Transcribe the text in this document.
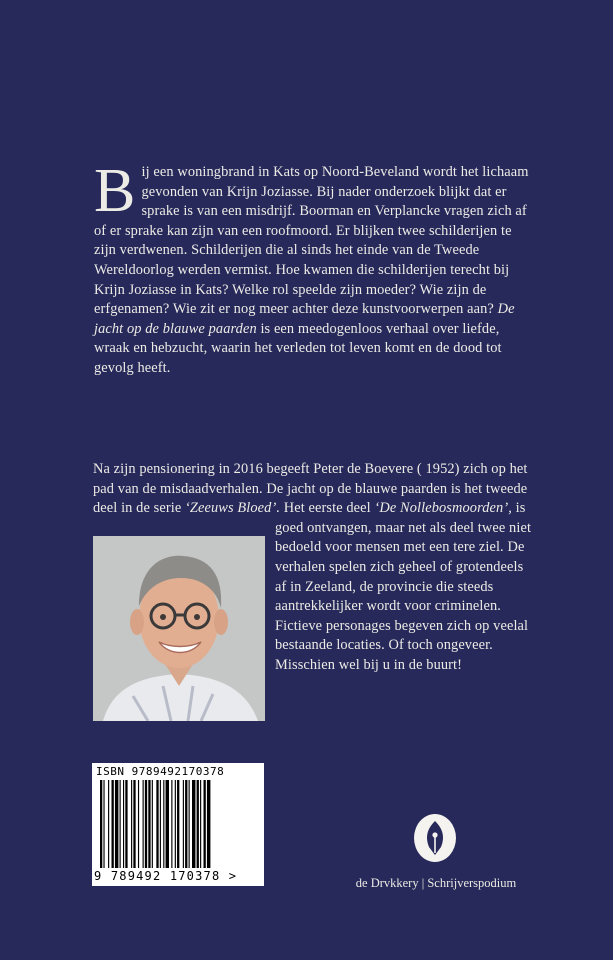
Bij een woningbrand in Kats op Noord-Beveland wordt het lichaam gevonden van Krijn Joziasse. Bij nader onderzoek blijkt dat er sprake is van een misdrijf. Boorman en Verplancke vragen zich af of er sprake kan zijn van een roofmoord. Er blijken twee schilderijen te zijn verdwenen. Schilderijen die al sinds het einde van de Tweede Wereldoorlog werden vermist. Hoe kwamen die schilderijen terecht bij Krijn Joziasse in Kats? Welke rol speelde zijn moeder? Wie zijn de erfgenamen? Wie zit er nog meer achter deze kunstvoorwerpen aan? De jacht op de blauwe paarden is een meedogenloos verhaal over liefde, wraak en hebzucht, waarin het verleden tot leven komt en de dood tot gevolg heeft.

Na zijn pensionering in 2016 begeeft Peter de Boevere ( 1952) zich op het pad van de misdaadverhalen. De jacht op de blauwe paarden is het tweede deel in de serie ‘Zeeuws Bloed’. Het eerste deel ‘De Nollebosmoorden’, is goed ontvangen, maar net als deel twee niet bedoeld voor mensen met een tere ziel. De verhalen spelen zich geheel of grotendeels af in Zeeland, de provincie die steeds aantrekkelijker wordt voor criminelen. Fictieve personages begeven zich op veelal bestaande locaties. Of toch ongeveer. Misschien wel bij u in de buurt!

ISBN 9789492170378
9 789492 170378 >	de Drvkkery | Schrijverspodium
